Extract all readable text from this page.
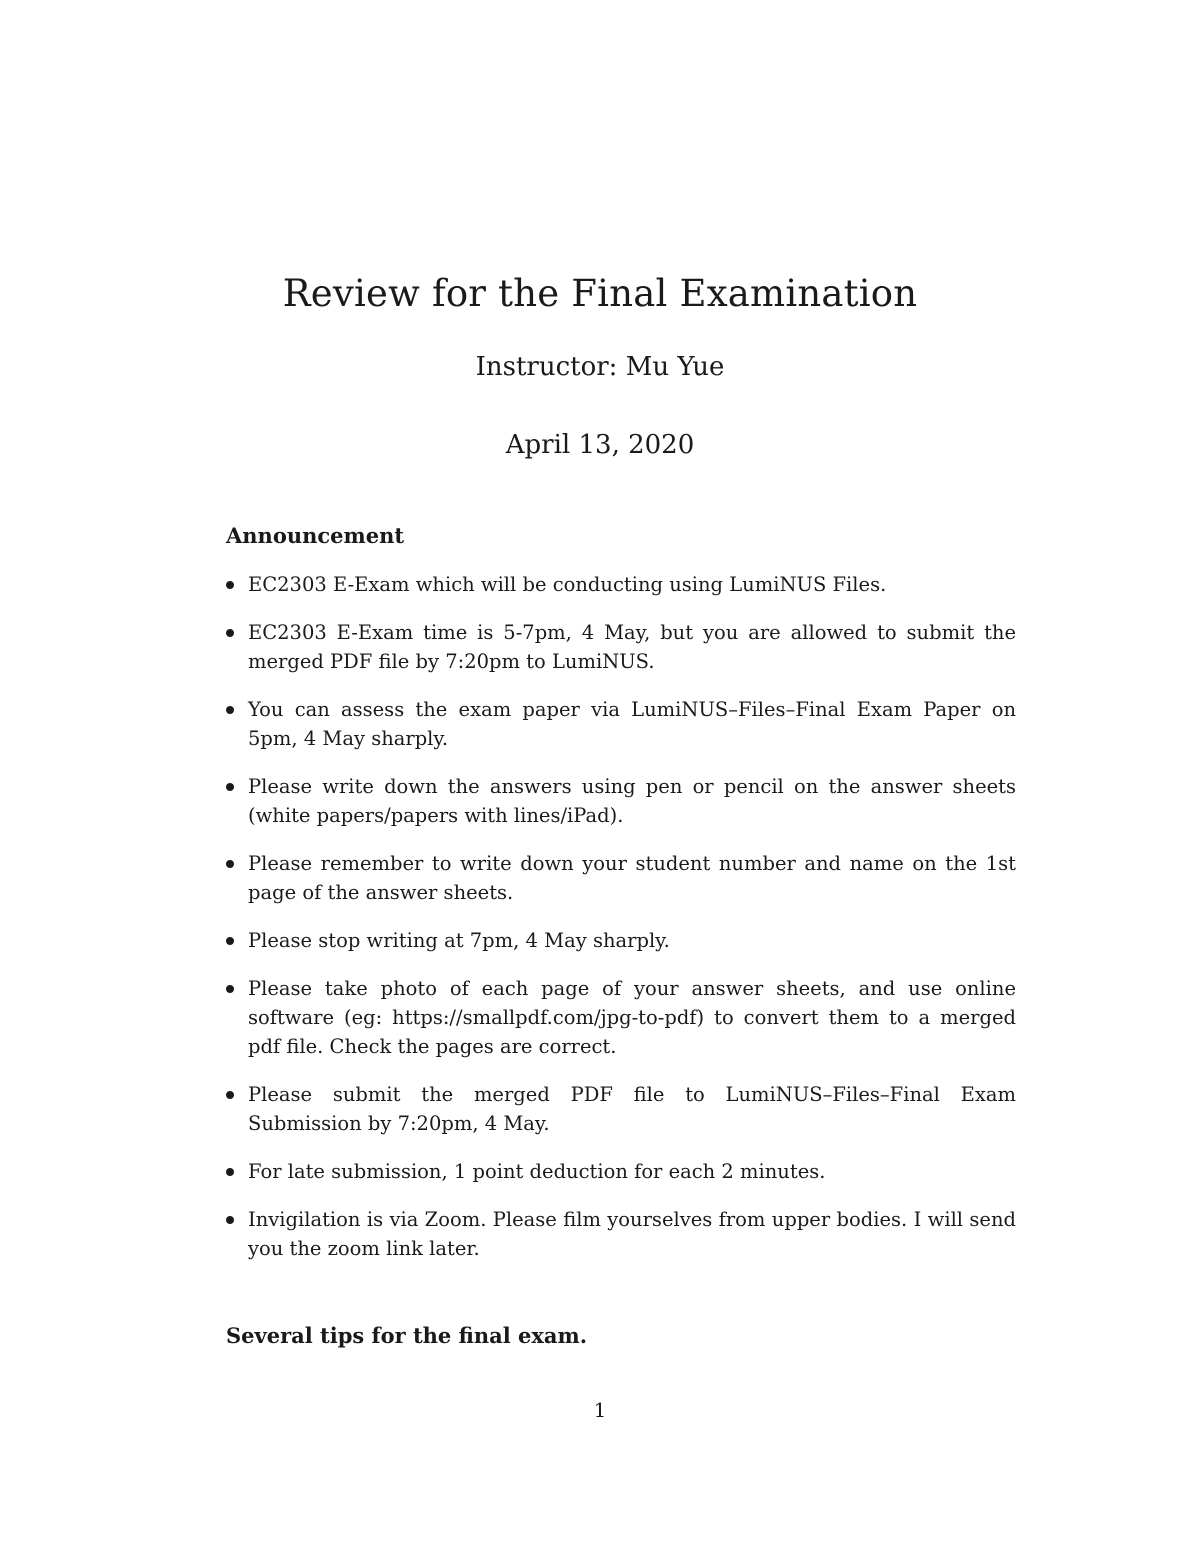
Review for the Final Examination
Instructor: Mu Yue
April 13, 2020
Announcement
EC2303 E-Exam which will be conducting using LumiNUS Files.
EC2303 E-Exam time is 5-7pm, 4 May, but you are allowed to submit the merged PDF file by 7:20pm to LumiNUS.
You can assess the exam paper via LumiNUS–Files–Final Exam Paper on 5pm, 4 May sharply.
Please write down the answers using pen or pencil on the answer sheets (white papers/papers with lines/iPad).
Please remember to write down your student number and name on the 1st page of the answer sheets.
Please stop writing at 7pm, 4 May sharply.
Please take photo of each page of your answer sheets, and use online software (eg: https://smallpdf.com/jpg-to-pdf) to convert them to a merged pdf file. Check the pages are correct.
Please submit the merged PDF file to LumiNUS–Files–Final Exam Submission by 7:20pm, 4 May.
For late submission, 1 point deduction for each 2 minutes.
Invigilation is via Zoom. Please film yourselves from upper bodies. I will send you the zoom link later.
Several tips for the final exam.
1
